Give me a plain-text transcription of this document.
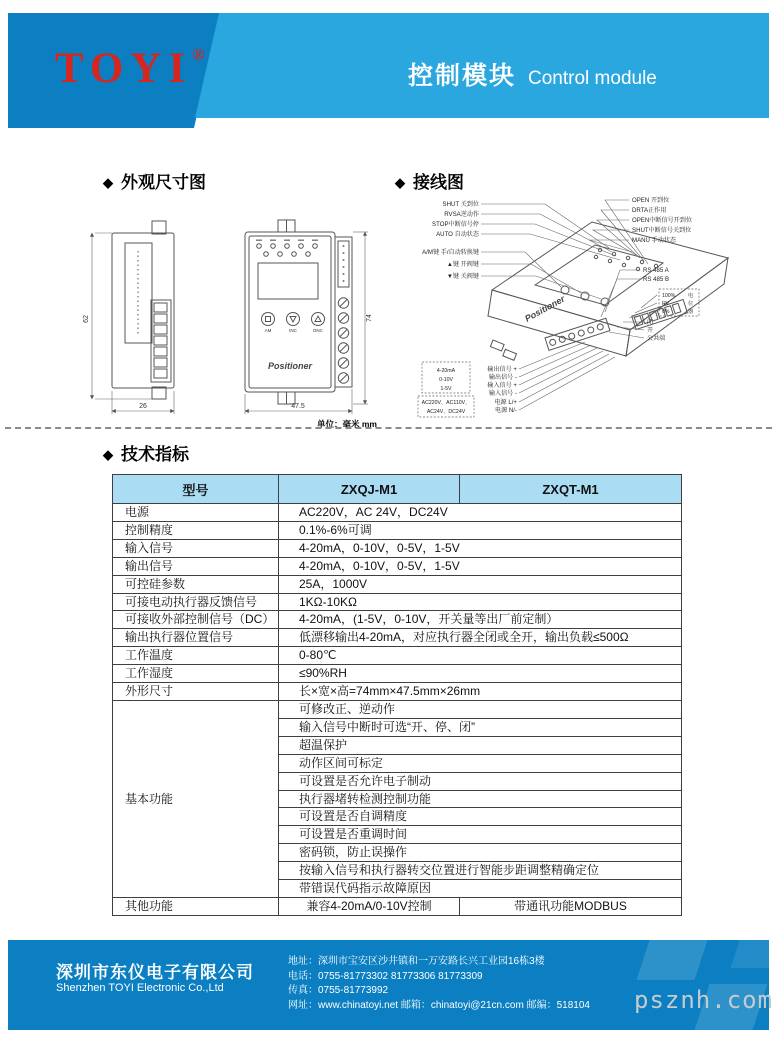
TOYI®
控制模块 Control module
◆ 外观尺寸图	◆ 接线图
◆ 技术指标
62
26
AM	INC	DNC
Positioner
74
47.5
单位：毫米 mm
Positioner
SHUT 关到位
RVSA逆动作
STOP中断信号停
AUTO 自动状态
A/M键 手/自动转换键
▲键 开阀键
▼键 关阀键
OPEN 开到位
DRTA正作用
OPEN中断信号开到位
SHUT中断信号关到位
MANU 手动状态
RS 485 A
RS 485 B
100%
RV
0%
电
位
器
闭
开
公共端
4-20mA
0-10V
1-5V
AC220V、AC110V、
AC24V、DC24V
输出信号 +
输出信号 -
输入信号 +
输入信号 -
电源 L/+
电源 N/-
型号	ZXQJ-M1	ZXQT-M1
电源	AC220V，AC 24V，DC24V	
控制精度	0.1%-6%可调	
输入信号	4-20mA，0-10V，0-5V，1-5V	
输出信号	4-20mA，0-10V，0-5V，1-5V	
可控硅参数	25A，1000V	
可接电动执行器反馈信号	1KΩ-10KΩ	
可接收外部控制信号（DC）	4-20mA，(1-5V，0-10V，开关量等出厂前定制）	
输出执行器位置信号	低漂移输出4-20mA，对应执行器全闭或全开，输出负载≤500Ω	
工作温度	0-80℃	
工作湿度	≤90%RH	
外形尺寸	长×宽×高=74mm×47.5mm×26mm	
基本功能	可修改正、逆动作	
	输入信号中断时可选“开、停、闭”	
	超温保护	
	动作区间可标定	
	可设置是否允许电子制动	
	执行器堵转检测控制功能	
	可设置是否自调精度	
	可设置是否重调时间	
	密码锁，防止误操作	
	按输入信号和执行器转交位置进行智能步距调整精确定位	
	带错误代码指示故障原因	
其他功能	兼容4-20mA/0-10V控制	带通讯功能MODBUS
深圳市东仪电子有限公司
Shenzhen TOYI Electronic Co.,Ltd
地址：深圳市宝安区沙井镇和一万安路长兴工业园16栋3楼
电话：0755-81773302 81773306 81773309
传真：0755-81773992
网址：www.chinatoyi.net 邮箱：chinatoyi@21cn.com 邮编：518104 psznh.com
